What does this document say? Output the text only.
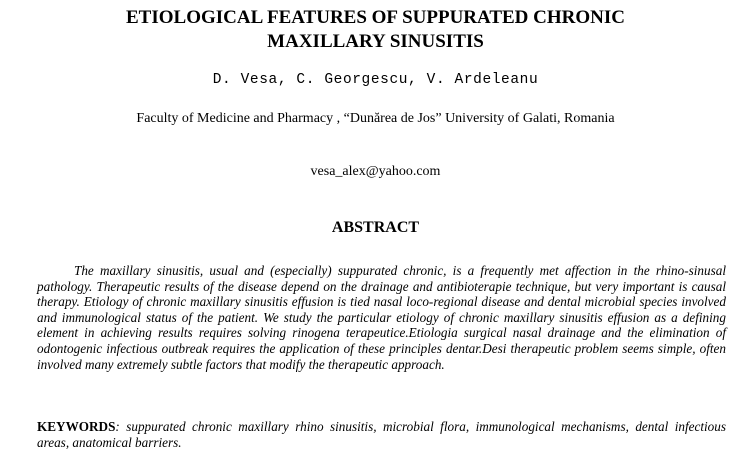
ETIOLOGICAL FEATURES OF SUPPURATED CHRONIC
MAXILLARY SINUSITIS

D. Vesa, C. Georgescu, V. Ardeleanu

Faculty of Medicine and Pharmacy , “Dunărea de Jos” University of Galati, Romania

vesa_alex@yahoo.com

ABSTRACT

The maxillary sinusitis, usual and (especially) suppurated chronic, is a frequently met affection in the rhino-sinusal pathology. Therapeutic results of the disease depend on the drainage and antibioterapie technique, but very important is causal therapy. Etiology of chronic maxillary sinusitis effusion is tied nasal loco-regional disease and dental microbial species involved and immunological status of the patient. We study the particular etiology of chronic maxillary sinusitis effusion as a defining element in achieving results requires solving rinogena terapeutice.Etiologia surgical nasal drainage and the elimination of odontogenic infectious outbreak requires the application of these principles dentar.Desi therapeutic problem seems simple, often involved many extremely subtle factors that modify the therapeutic approach.

KEYWORDS: suppurated chronic maxillary rhino sinusitis, microbial flora, immunological mechanisms, dental infectious areas, anatomical barriers.
